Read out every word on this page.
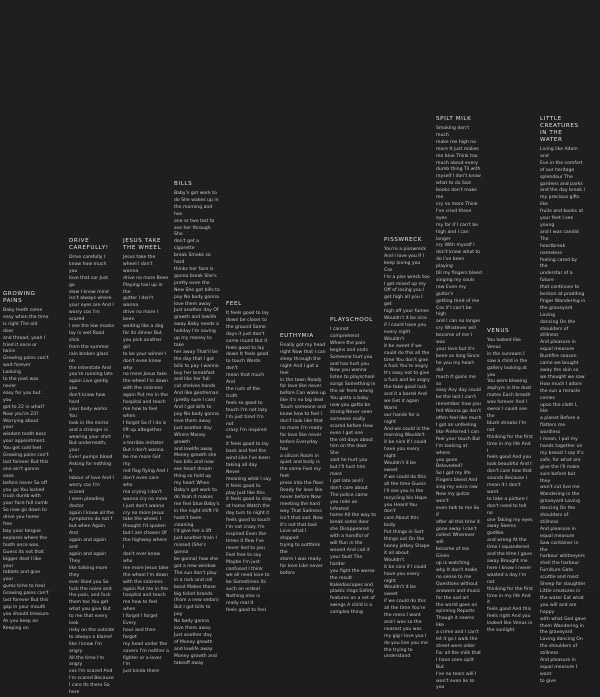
GROWING
PAINS
Baby teeth come
easy when the time
is right The old door
and thread, yeah I
tried it once or twice
Growing pains can't
wait forever Looking
to the past was never
easy for you but you
got to 22 in what?
Now you're 23?
Worrying about your
wisdom tooth boss
your appointment.
You get cold feet
Growing pains can't
last forever But this
one ain't gonna ease
before never So off
you go You locked
truck dumb with
your face full numb
So now go down to
drive you home free
bay your tongue
explores where the
tooth once was.
Guess its not that
bigger deal I like your
tablets and give your
gums time to heal
Growing pains can't
last forever But this
gap in your mouth
you should treasure
As you keep on
Keeping on
DRIVE
CAREFULLY!
Drive carefully I
know how much you
love that car Just go
slow I know mind
isn't always where
your eyes are And I
worry cos I'm scared
I see the low masks
lay in wet Road slick
from the summer
rain broken glass on
the Interstate And
you're running late
again Live gently you
don't know how hard
your body works You
look in the mirror
and a stranger is
wearing your shirt
But underneath, your
Ever! pumps blood
Asking for nothing A
labour of love And I
worry cos I'm scared
I seen pleading doctor
again I know all the
symptoms do not f
but when Again And
again and again and
again and again They
like talking more they
ever liked you So
fuck the noise and
the pain, and fuck
them too You get
what you give But
to me that every look
risky on the outside
to always a blame!
like I know I'm angry
All the time I'm angry
cos I'm scared And
I'm scared Because
I care Its there So
here
JESUS TAKE
THE WHEEL
Jesus take the
wheel I don't wanna
drive no more Been
Playing taxi up in the
gutter I don't wanna
drive no more I been
waiting like a dog
for its dinner But
you pick another girl
to be your winner I
don't even know why
no more Jesus take
the wheel I'm down
with the sickness
again Put me in the
hospital and teach
me how to feel when
I forget So if I do is
lift up altogether. I'm
a terrible imitator
But I don't wanna
be me more Got my
red flag flying And I
don't even care who
me crying I don't
wanna cry no more
I just don't wanna
cry no more Jesus
take the wheel, I
thought I'd spoken
but I am chosen Of
the highway where I
don't ever know who
me more Jesus take
the wheel I'm down
with the sickness
again Put me in the
hospital and teach
me how to feel when
I forget I forget Every
hour and then forget
my head under the
covers I'm neither a
fighter or a lover I'm
just kinda there
BILLS
Baby's got work to
do She wakes up in
the morning and has
one or two last to
see her through She
don't get a cigarette
break Smoke so hard
thinks her face is
gonna break She's
pretty even the
New She got bills to
pay No body gonna
love them away
Just another day Of
growth and lowlife
away Baby needs a
holiday I'm saving
up my money to take
her away That'll be
the day that I got
bills to pay I wanna
buy her breakfast
and like her full
cut shelves hands
And like gentleman
(pretty sure I can)
And I got bills to
pay No body gonna
love them away
Just another day
Where Money growth
and lowlife away
Money growth she
has bills and now
see heart dream
thing so hold up
my heart When
Baby's got work to
do Yeah it makes
me feel blue Baby's
in the night shift I'll
hadn't been cleaning
I'd give her a lift
Just another train I
missed (She's gonna
be gonna) how she
got a new window
The sun don't play
in a rock and roll
band Makes those
big ticket brands
(from a new sedan)
But I got bills to pay
No body gonna
love them away
Just another day
of Money growth
and lowlife away
Money growth and
takeoff away
FEEL
It feels good to lay
down be closer to
the ground Some
days it just don't
come round But it
feels good to lay
down It feels good
to touch Words don't
mean that much And
the rush of the truth
feels so good to
touch I'm not lazy
I'm just tired I'm not
crazy I'm inspired so
it feels good to lay
back and feel the
wind Like I've been
taking all day Never
meaning what I say
It feels good to
play Just like this
it feels good to stay
at home Watch the
day turn to night it
feels good to touch
I'm not crazy I'm
inspired Even the
times it flew I've
never lied to you
Feel free to say
Maybe I'm just
confused I think
we all need love to
be Sometimes its
such an ordeal
Nothing else is
really real It
feels good to feel
EUTHYMIA
Finally got my head
right Now that I can
sleep through the
night And I got a feel
in the town Ready
for love like never
before Can wake up
like it's no big deal
Touch someone and
know how to feel I
don't look like that
no more I'm ready
for love like never
before Everyday has
a silicon Room in
quiet and body is
the same Feel my feet
press into the floor
Ready for love like
never before Now
meeting the hard
way That Sadness
isn't that sad. Now
it's not that bad
Love what I stopped
trying to outthink the
storm I was ready
for love Like never
before
PLAYSCHOOL
I cannot comprehend
Where the pain
begins and ends
Someone hurt you
and has hurt you
Now you wanna
listen to playschool
songs Something in
the air feels wrong
You gotta a baby
now you gotta be
strong Never seen
someone really
scared before How
even I got one
the old days about
him on the door She
said he hurt you
but I'll hurt him more
I got late and I
don't care about
The police came
you rode an Infested
home All the way to
break some door
she Disappeared
with a handful of
will Run in the
wound And call it
your fault The harder
you fight the worse
the result
Kaleidoscopes and
plastic rings Safety
features on a set of
swings A child is a
complex thing
PISSWRECK
You're a pisswreck
And I love you If I
keep loving you Cos
I'm a piss wreck too
I get mixed up my
Off of losing you I
get high all you I get
high off your fumes
Wouldn't it be nice
if I could have you
every night Wouldn't
it be sweet if we
could do this all the
time You don't give
a fuck You're angry
It's easy not to give
a fuck and be angry
the take good luck
and it a barrel And
we Get it again Warm
our hands for a night
And we could in the
morning Wouldn't
it be nice If I could
have you every night
Wouldn't it be sweet
if we could do this
all the time Guess
I'll see you in the
recycling bin Hope
you Heard You don't
care About this body
Put things in Sort
things out On the
honey jetkey Shape
it all about Wouldn't
it be nice if I could
have you every night
Wouldn't it be sweet
if we could do this
all the time You're
the mess I want
and I was so the
nearest you was
my gig I love you I
do you live you me
the trying to understand
SPILT MILK
Smoking don't much
make me high no
more It just makes
me blue Think too
much about every
dumb thing Til with
myself I don't know
what to do Sad
books don't make me
cry no more Think
I've cried these eyes
my for if I can't be
high and I can longer
cry With myself I
don't know what to
do I've been playing
till my fingers bleed
singing my souls
raw Even my guitar's
getting tired of me
Cos if I can't be high
and I can no longer
cry Whatever will
become of me I was
your love but it's
been so long Since
he you my heart did
much It gains me so
easy Any day could
be the last I can't
remember how you
felt Wanna go don't
often feel like much
I got an unfeeling
like Preferred I can
feel your touch But
I'm looking at where
you gone Beloveded?
So I got my life
Fingers bleed And
sing my voice raw
Now my guitar won't
even talk to me So if
after all this time it
gone away I can't
collect Wherever will
become of me Given
up is watching
why It don't make
no sense to me
Questions without
answers and music
for the sad art
the world goes on
spinning Reports
Though it seems like
a crime and I can't
let it go I walk the
street were older
For all the milk that
I have seen spilt But
I've no tears will I
won't even lie to you
VENUS
You looked like Venus
in the sunroom I
saw a child in the
gallery looking at you
You were blowing
zephyrs in the dust
motes Each breath
was forever And I
swear I could see the
blush streaks I'm not
thinking for the first
time in my life And I
feels good And you
look beautiful And I
don't care how that
sounds Because I
mean it I don't want
to take a picture I
don't need to tell no
one Taking my eyes
away Seems godlike
and wrong At the
time I squandered
and the time I gave
away Brought me
here I know I never
wasted a day I'm not
thinking for the first
time in my life And it
feels good And this
feels right And you
looked like Venus in
the sunlight
LITTLE
CREATURES
IN THE
WATER
Living like Adam and
Eve in the comfort
of our heritage
splendour The
gardens and parks
and the day break I
my precious gifts like
fruits and books at
your feet I see young
and I was candid The
heartbreak nameless
feeling cared by the
understar of a future
that continues to
beckon at prodding
finger Wandering in
the graveyard Loving
dancing On the
shoulders of stillness
And pleasure in
equal measure
Bushfire season
came we bought
away the skin so
we thought we saw
How much I adore
the sun a miracle comes
upon the cloth I, like
a planet Before a
flatters me wordless
I mean, I put my
hands together on
my breast I say it's
safe, for what are
give the I'll make
sure before but they
won't cut live me
Wandering in the
graveyard Loving
dancing On the
shoulders of stillness
And pleasure in
equal measure
Saw container in the
harbour whitneyers
shell the harbour
Furniture Gate
scuttle and most
Sheep for slaughter
Little creatures in
the water Eat what
you will and are happy
with what God gave
them Wandering in
the graveyard
Loving dancing On
the shoulders of stillness
And pleasure in
equal measure I want
to give
